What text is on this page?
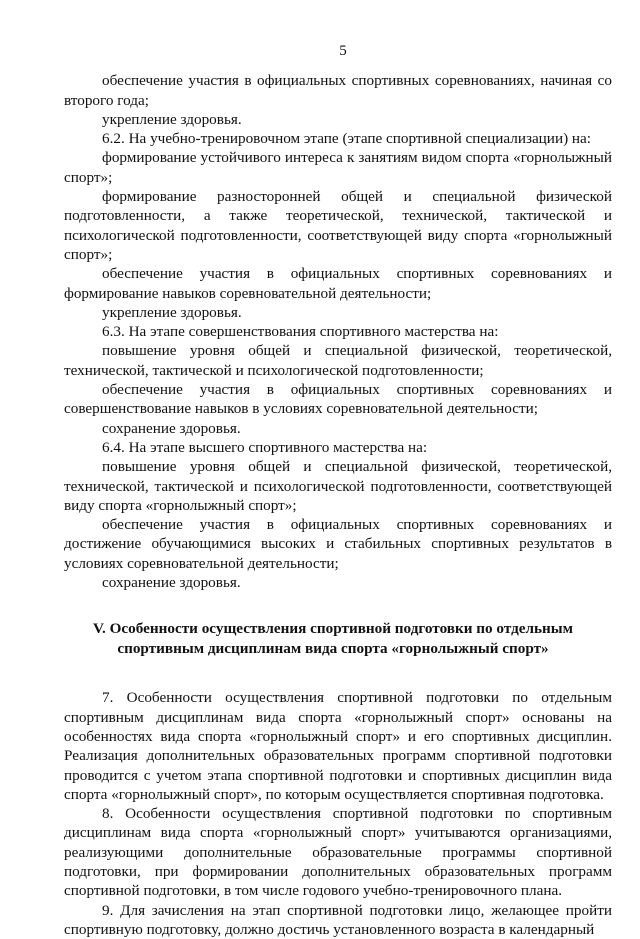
5

обеспечение участия в официальных спортивных соревнованиях, начиная со второго года;

укрепление здоровья.

6.2. На учебно-тренировочном этапе (этапе спортивной специализации) на:

формирование устойчивого интереса к занятиям видом спорта «горнолыжный спорт»;

формирование разносторонней общей и специальной физической подготовленности, а также теоретической, технической, тактической и психологической подготовленности, соответствующей виду спорта «горнолыжный спорт»;

обеспечение участия в официальных спортивных соревнованиях и формирование навыков соревновательной деятельности;

укрепление здоровья.

6.3. На этапе совершенствования спортивного мастерства на:

повышение уровня общей и специальной физической, теоретической, технической, тактической и психологической подготовленности;

обеспечение участия в официальных спортивных соревнованиях и совершенствование навыков в условиях соревновательной деятельности;

сохранение здоровья.

6.4. На этапе высшего спортивного мастерства на:

повышение уровня общей и специальной физической, теоретической, технической, тактической и психологической подготовленности, соответствующей виду спорта «горнолыжный спорт»;

обеспечение участия в официальных спортивных соревнованиях и достижение обучающимися высоких и стабильных спортивных результатов в условиях соревновательной деятельности;

сохранение здоровья.

V. Особенности осуществления спортивной подготовки по отдельным
спортивным дисциплинам вида спорта «горнолыжный спорт»

7. Особенности осуществления спортивной подготовки по отдельным спортивным дисциплинам вида спорта «горнолыжный спорт» основаны на особенностях вида спорта «горнолыжный спорт» и его спортивных дисциплин. Реализация дополнительных образовательных программ спортивной подготовки проводится с учетом этапа спортивной подготовки и спортивных дисциплин вида спорта «горнолыжный спорт», по которым осуществляется спортивная подготовка.

8. Особенности осуществления спортивной подготовки по спортивным дисциплинам вида спорта «горнолыжный спорт» учитываются организациями, реализующими дополнительные образовательные программы спортивной подготовки, при формировании дополнительных образовательных программ спортивной подготовки, в том числе годового учебно-тренировочного плана.

9. Для зачисления на этап спортивной подготовки лицо, желающее пройти спортивную подготовку, должно достичь установленного возраста в календарный
